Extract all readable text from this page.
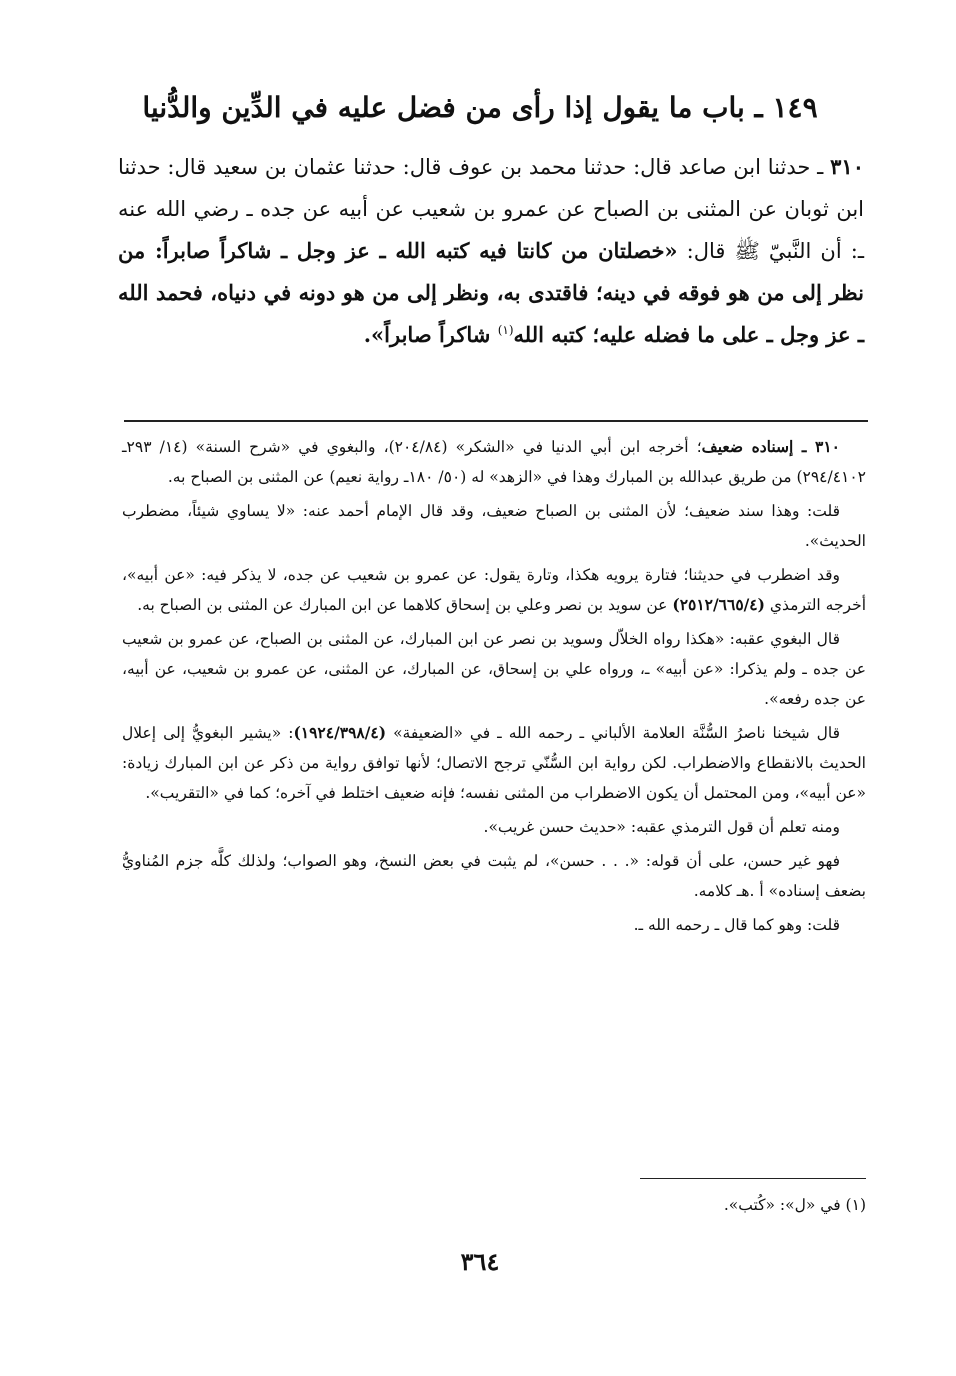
١٤٩ ـ باب ما يقول إذا رأى من فضل عليه في الدِّين والدُّنيا
٣١٠ ـ حدثنا ابن صاعد قال: حدثنا محمد بن عوف قال: حدثنا عثمان بن سعيد قال: حدثنا ابن ثوبان عن المثنى بن الصباح عن عمرو بن شعيب عن أبيه عن جده ـ رضي الله عنه ـ: أن النَّبيّ ﷺ قال: «خصلتان من كانتا فيه كتبه الله ـ عز وجل ـ شاكراً صابراً: من نظر إلى من هو فوقه في دينه؛ فاقتدى به، ونظر إلى من هو دونه في دنياه، فحمد الله ـ عز وجل ـ على ما فضله عليه؛ كتبه الله$^{(١)}$ شاكراً صابراً».

٣١٠ ـ إسناده ضعيف؛ أخرجه ابن أبي الدنيا في «الشكر» (٢٠٤/٨٤)، والبغوي في «شرح السنة» (١٤/ ٢٩٣ـ ٢٩٤/٤١٠٢) من طريق عبدالله بن المبارك وهذا في «الزهد» له (٥٠/ ١٨٠ـ رواية نعيم) عن المثنى بن الصباح به.

قلت: وهذا سند ضعيف؛ لأن المثنى بن الصباح ضعيف، وقد قال الإمام أحمد عنه: «لا يساوي شيئاً، مضطرب الحديث».

وقد اضطرب في حديثنا؛ فتارة يرويه هكذا، وتارة يقول: عن عمرو بن شعيب عن جده، لا يذكر فيه: «عن أبيه»، أخرجه الترمذي (٢٥١٢/٦٦٥/٤) عن سويد بن نصر وعلي بن إسحاق كلاهما عن ابن المبارك عن المثنى بن الصباح به.

قال البغوي عقبه: «هكذا رواه الخلاّل وسويد بن نصر عن ابن المبارك، عن المثنى بن الصباح، عن عمرو بن شعيب عن جده ـ ولم يذكرا: «عن أبيه» ـ، ورواه علي بن إسحاق، عن المبارك، عن المثنى، عن عمرو بن شعيب، عن أبيه، عن جده رفعه».

قال شيخنا ناصرُ السُّنَّة العلامة الألباني ـ رحمه الله ـ في «الضعيفة» (١٩٢٤/٣٩٨/٤): «يشير البغويُّ إلى إعلال الحديث بالانقطاع والاضطراب. لكن رواية ابن السُّنّي ترجح الاتصال؛ لأنها توافق رواية من ذكر عن ابن المبارك زيادة: «عن أبيه»، ومن المحتمل أن يكون الاضطراب من المثنى نفسه؛ فإنه ضعيف اختلط في آخره؛ كما في «التقريب».

ومنه تعلم أن قول الترمذي عقبه: «حديث حسن غريب».

فهو غير حسن، على أن قوله: «. . . حسن»، لم يثبت في بعض النسخ، وهو الصواب؛ ولذلك كلَّه جزم المُناويُّ بضعف إسناده» أ .هـ كلامه.

قلت: وهو كما قال ـ رحمه الله ـ.

(١) في «ل»: «كُتب».
٣٦٤
